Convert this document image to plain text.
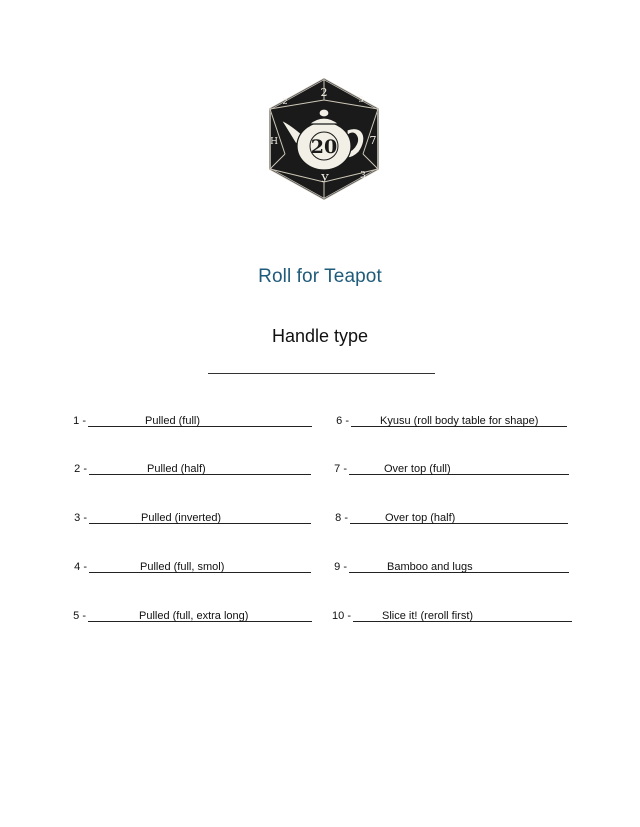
20
2
7
3
У
Н
2	3
Roll for Teapot
Handle type
1 -	Pulled (full)
2 -	Pulled (half)
3 -	Pulled (inverted)
4 -	Pulled (full, smol)
5 -	Pulled (full, extra long)
6 -	Kyusu (roll body table for shape)
7 -	Over top (full)
8 -	Over top (half)
9 -	Bamboo and lugs
10 -	Slice it! (reroll first)
